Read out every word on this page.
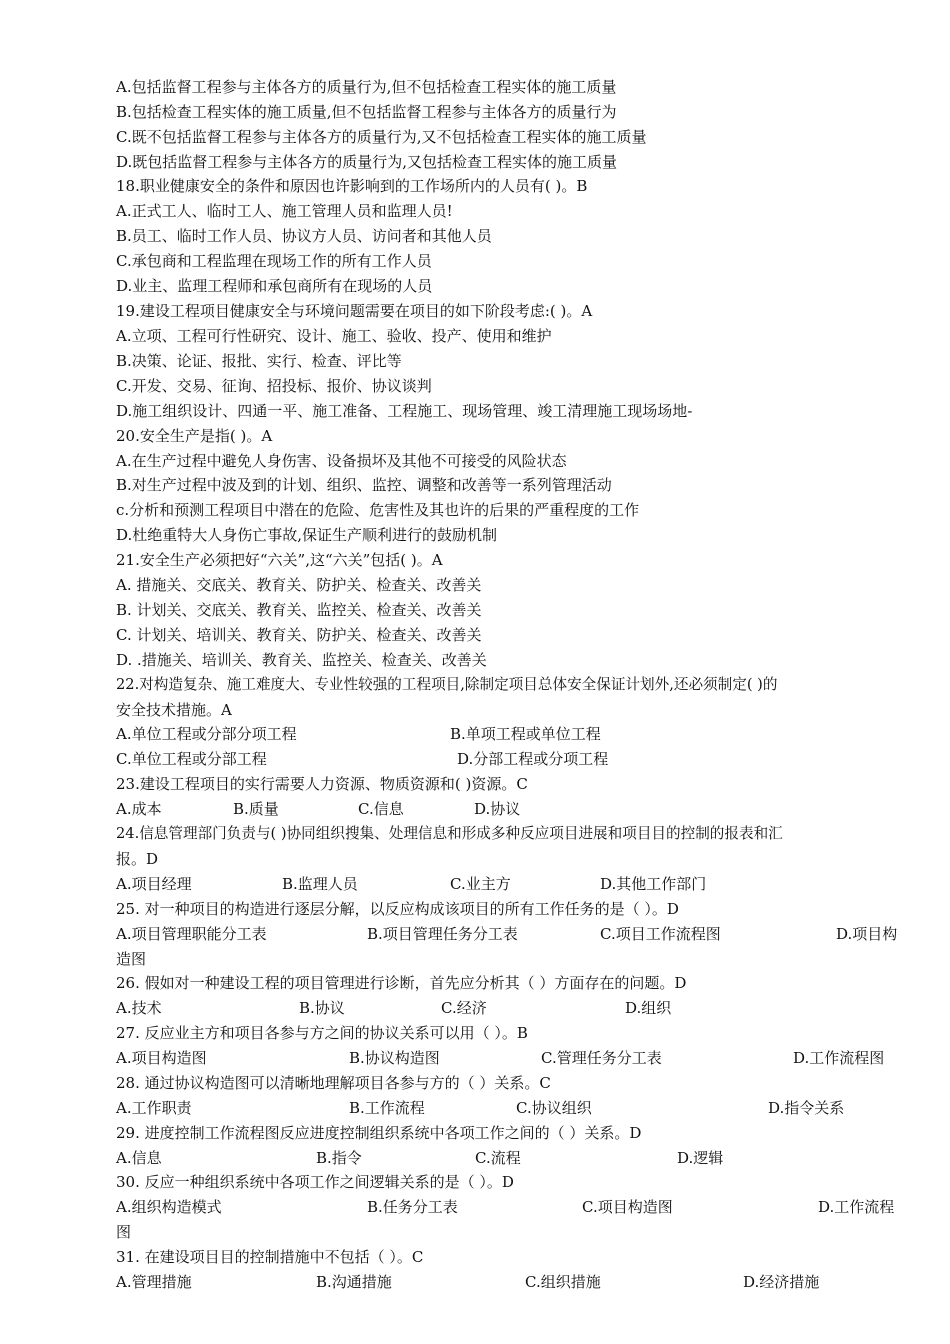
A.包括监督工程参与主体各方的质量行为,但不包括检查工程实体的施工质量
B.包括检查工程实体的施工质量,但不包括监督工程参与主体各方的质量行为
C.既不包括监督工程参与主体各方的质量行为,又不包括检查工程实体的施工质量
D.既包括监督工程参与主体各方的质量行为,又包括检查工程实体的施工质量
18.职业健康安全的条件和原因也许影响到的工作场所内的人员有( )。B
A.正式工人、临时工人、施工管理人员和监理人员!
B.员工、临时工作人员、协议方人员、访问者和其他人员
C.承包商和工程监理在现场工作的所有工作人员
D.业主、监理工程师和承包商所有在现场的人员
19.建设工程项目健康安全与环境问题需要在项目的如下阶段考虑:( )。A
A.立项、工程可行性研究、设计、施工、验收、投产、使用和维护
B.决策、论证、报批、实行、检查、评比等
C.开发、交易、征询、招投标、报价、协议谈判
D.施工组织设计、四通一平、施工准备、工程施工、现场管理、竣工清理施工现场场地-
20.安全生产是指( )。A
A.在生产过程中避免人身伤害、设备损坏及其他不可接受的风险状态
B.对生产过程中波及到的计划、组织、监控、调整和改善等一系列管理活动
c.分析和预测工程项目中潜在的危险、危害性及其也许的后果的严重程度的工作
D.杜绝重特大人身伤亡事故,保证生产顺利进行的鼓励机制
21.安全生产必须把好“六关”,这“六关”包括( )。A
A. 措施关、交底关、教育关、防护关、检查关、改善关
B. 计划关、交底关、教育关、监控关、检查关、改善关
C. 计划关、培训关、教育关、防护关、检查关、改善关
D. .措施关、培训关、教育关、监控关、检查关、改善关
22.对构造复杂、施工难度大、专业性较强的工程项目,除制定项目总体安全保证计划外,还必须制定( )的
安全技术措施。A
A.单位工程或分部分项工程	B.单项工程或单位工程
C.单位工程或分部工程	D.分部工程或分项工程
23.建设工程项目的实行需要人力资源、物质资源和( )资源。C
A.成本	B.质量	C.信息	D.协议
24.信息管理部门负责与( )协同组织搜集、处理信息和形成多种反应项目进展和项目目的控制的报表和汇
报。D
A.项目经理	B.监理人员	C.业主方	D.其他工作部门
25. 对一种项目的构造进行逐层分解，以反应构成该项目的所有工作任务的是（ ）。D
A.项目管理职能分工表	B.项目管理任务分工表	C.项目工作流程图	D.项目构
造图
26. 假如对一种建设工程的项目管理进行诊断，首先应分析其（ ）方面存在的问题。D
A.技术	B.协议	C.经济	D.组织
27. 反应业主方和项目各参与方之间的协议关系可以用（ ）。B
A.项目构造图	B.协议构造图	C.管理任务分工表	D.工作流程图
28. 通过协议构造图可以清晰地理解项目各参与方的（ ）关系。C
A.工作职责	B.工作流程	C.协议组织	D.指令关系
29. 进度控制工作流程图反应进度控制组织系统中各项工作之间的（ ）关系。D
A.信息	B.指令	C.流程	D.逻辑
30. 反应一种组织系统中各项工作之间逻辑关系的是（ ）。D
A.组织构造模式	B.任务分工表	C.项目构造图	D.工作流程
图
31. 在建设项目目的控制措施中不包括（ ）。C
A.管理措施	B.沟通措施	C.组织措施	D.经济措施
